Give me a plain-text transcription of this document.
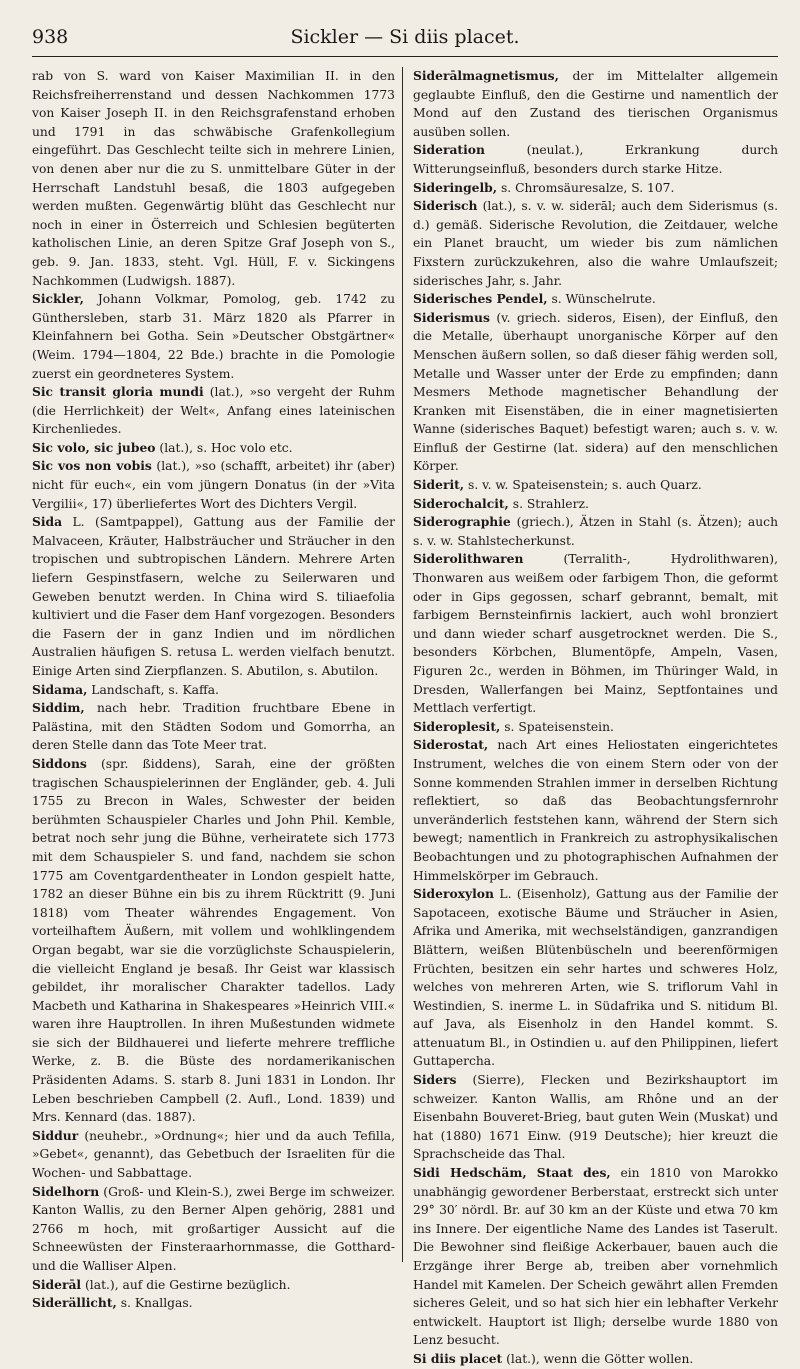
938	Sickler — Si diis placet.

rab von S. ward von Kaiser Maximilian II. in den Reichsfreiherrenstand und dessen Nachkommen 1773 von Kaiser Joseph II. in den Reichsgrafenstand erhoben und 1791 in das schwäbische Grafenkollegium eingeführt. Das Geschlecht teilte sich in mehrere Linien, von denen aber nur die zu S. unmittelbare Güter in der Herrschaft Landstuhl besaß, die 1803 aufgegeben werden mußten. Gegenwärtig blüht das Geschlecht nur noch in einer in Österreich und Schlesien begüterten katholischen Linie, an deren Spitze Graf Joseph von S., geb. 9. Jan. 1833, steht. Vgl. Hüll, F. v. Sickingens Nachkommen (Ludwigsh. 1887).

Sickler, Johann Volkmar, Pomolog, geb. 1742 zu Günthersleben, starb 31. März 1820 als Pfarrer in Kleinfahnern bei Gotha. Sein »Deutscher Obstgärtner« (Weim. 1794—1804, 22 Bde.) brachte in die Pomologie zuerst ein geordneteres System.

Sic transit gloria mundi (lat.), »so vergeht der Ruhm (die Herrlichkeit) der Welt«, Anfang eines lateinischen Kirchenliedes.

Sic volo, sic jubeo (lat.), s. Hoc volo etc.

Sic vos non vobis (lat.), »so (schafft, arbeitet) ihr (aber) nicht für euch«, ein vom jüngern Donatus (in der »Vita Vergilii«, 17) überliefertes Wort des Dichters Vergil.

Sida L. (Samtpappel), Gattung aus der Familie der Malvaceen, Kräuter, Halbsträucher und Sträucher in den tropischen und subtropischen Ländern. Mehrere Arten liefern Gespinstfasern, welche zu Seilerwaren und Geweben benutzt werden. In China wird S. tiliaefolia kultiviert und die Faser dem Hanf vorgezogen. Besonders die Fasern der in ganz Indien und im nördlichen Australien häufigen S. retusa L. werden vielfach benutzt. Einige Arten sind Zierpflanzen. S. Abutilon, s. Abutilon.

Sidama, Landschaft, s. Kaffa.

Siddim, nach hebr. Tradition fruchtbare Ebene in Palästina, mit den Städten Sodom und Gomorrha, an deren Stelle dann das Tote Meer trat.

Siddons (spr. ßiddens), Sarah, eine der größten tragischen Schauspielerinnen der Engländer, geb. 4. Juli 1755 zu Brecon in Wales, Schwester der beiden berühmten Schauspieler Charles und John Phil. Kemble, betrat noch sehr jung die Bühne, verheiratete sich 1773 mit dem Schauspieler S. und fand, nachdem sie schon 1775 am Coventgardentheater in London gespielt hatte, 1782 an dieser Bühne ein bis zu ihrem Rücktritt (9. Juni 1818) vom Theater währendes Engagement. Von vorteilhaftem Äußern, mit vollem und wohlklingendem Organ begabt, war sie die vorzüglichste Schauspielerin, die vielleicht England je besaß. Ihr Geist war klassisch gebildet, ihr moralischer Charakter tadellos. Lady Macbeth und Katharina in Shakespeares »Heinrich VIII.« waren ihre Hauptrollen. In ihren Mußestunden widmete sie sich der Bildhauerei und lieferte mehrere treffliche Werke, z. B. die Büste des nordamerikanischen Präsidenten Adams. S. starb 8. Juni 1831 in London. Ihr Leben beschrieben Campbell (2. Aufl., Lond. 1839) und Mrs. Kennard (das. 1887).

Siddur (neuhebr., »Ordnung«; hier und da auch Tefilla, »Gebet«, genannt), das Gebetbuch der Israeliten für die Wochen- und Sabbattage.

Sidelhorn (Groß- und Klein-S.), zwei Berge im schweizer. Kanton Wallis, zu den Berner Alpen gehörig, 2881 und 2766 m hoch, mit großartiger Aussicht auf die Schneewüsten der Finsteraarhornmasse, die Gotthard- und die Walliser Alpen.

Siderāl (lat.), auf die Gestirne bezüglich.

Siderällicht, s. Knallgas.

Siderālmagnetismus, der im Mittelalter allgemein geglaubte Einfluß, den die Gestirne und namentlich der Mond auf den Zustand des tierischen Organismus ausüben sollen.

Sideration (neulat.), Erkrankung durch Witterungseinfluß, besonders durch starke Hitze.

Sideringelb, s. Chromsäuresalze, S. 107.

Siderisch (lat.), s. v. w. siderāl; auch dem Siderismus (s. d.) gemäß. Siderische Revolution, die Zeitdauer, welche ein Planet braucht, um wieder bis zum nämlichen Fixstern zurückzukehren, also die wahre Umlaufszeit; siderisches Jahr, s. Jahr.

Siderisches Pendel, s. Wünschelrute.

Siderismus (v. griech. sideros, Eisen), der Einfluß, den die Metalle, überhaupt unorganische Körper auf den Menschen äußern sollen, so daß dieser fähig werden soll, Metalle und Wasser unter der Erde zu empfinden; dann Mesmers Methode magnetischer Behandlung der Kranken mit Eisenstäben, die in einer magnetisierten Wanne (siderisches Baquet) befestigt waren; auch s. v. w. Einfluß der Gestirne (lat. sidera) auf den menschlichen Körper.

Siderit, s. v. w. Spateisenstein; s. auch Quarz.

Siderochalcit, s. Strahlerz.

Siderographie (griech.), Ätzen in Stahl (s. Ätzen); auch s. v. w. Stahlstecherkunst.

Siderolithwaren (Terralith-, Hydrolithwaren), Thonwaren aus weißem oder farbigem Thon, die geformt oder in Gips gegossen, scharf gebrannt, bemalt, mit farbigem Bernsteinfirnis lackiert, auch wohl bronziert und dann wieder scharf ausgetrocknet werden. Die S., besonders Körbchen, Blumentöpfe, Ampeln, Vasen, Figuren 2c., werden in Böhmen, im Thüringer Wald, in Dresden, Wallerfangen bei Mainz, Septfontaines und Mettlach verfertigt.

Sideroplesit, s. Spateisenstein.

Siderostat, nach Art eines Heliostaten eingerichtetes Instrument, welches die von einem Stern oder von der Sonne kommenden Strahlen immer in derselben Richtung reflektiert, so daß das Beobachtungsfernrohr unveränderlich feststehen kann, während der Stern sich bewegt; namentlich in Frankreich zu astrophysikalischen Beobachtungen und zu photographischen Aufnahmen der Himmelskörper im Gebrauch.

Sideroxylon L. (Eisenholz), Gattung aus der Familie der Sapotaceen, exotische Bäume und Sträucher in Asien, Afrika und Amerika, mit wechselständigen, ganzrandigen Blättern, weißen Blütenbüscheln und beerenförmigen Früchten, besitzen ein sehr hartes und schweres Holz, welches von mehreren Arten, wie S. triflorum Vahl in Westindien, S. inerme L. in Südafrika und S. nitidum Bl. auf Java, als Eisenholz in den Handel kommt. S. attenuatum Bl., in Ostindien u. auf den Philippinen, liefert Guttapercha.

Siders (Sierre), Flecken und Bezirkshauptort im schweizer. Kanton Wallis, am Rhône und an der Eisenbahn Bouveret-Brieg, baut guten Wein (Muskat) und hat (1880) 1671 Einw. (919 Deutsche); hier kreuzt die Sprachscheide das Thal.

Sidi Hedschäm, Staat des, ein 1810 von Marokko unabhängig gewordener Berberstaat, erstreckt sich unter 29° 30′ nördl. Br. auf 30 km an der Küste und etwa 70 km ins Innere. Der eigentliche Name des Landes ist Taserult. Die Bewohner sind fleißige Ackerbauer, bauen auch die Erzgänge ihrer Berge ab, treiben aber vornehmlich Handel mit Kamelen. Der Scheich gewährt allen Fremden sicheres Geleit, und so hat sich hier ein lebhafter Verkehr entwickelt. Hauptort ist Iligh; derselbe wurde 1880 von Lenz besucht.

Si diis placet (lat.), wenn die Götter wollen.
